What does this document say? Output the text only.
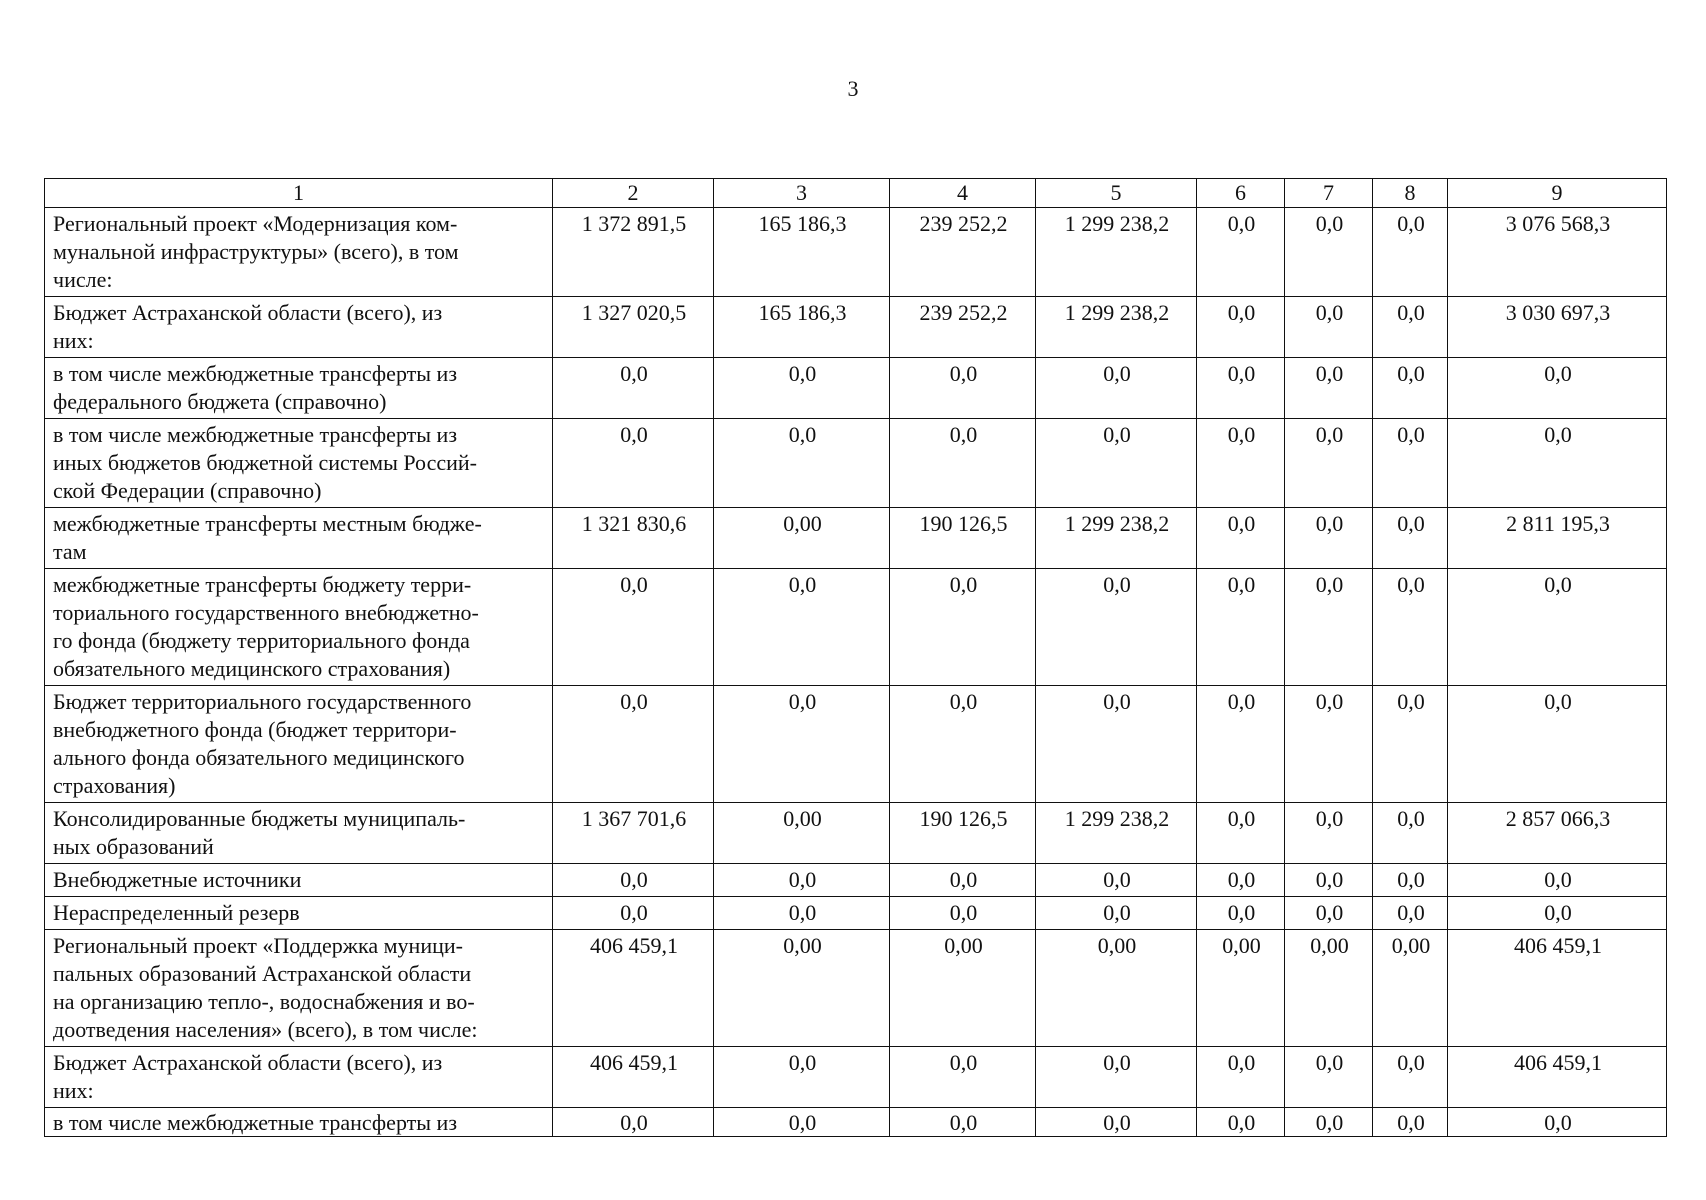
3
1	2	3	4	5	6	7	8	9
Региональный проект «Модернизация ком-
мунальной инфраструктуры» (всего), в том
числе:	1 372 891,5	165 186,3	239 252,2	1 299 238,2	0,0	0,0	0,0	3 076 568,3
Бюджет Астраханской области (всего), из
них:	1 327 020,5	165 186,3	239 252,2	1 299 238,2	0,0	0,0	0,0	3 030 697,3
в том числе межбюджетные трансферты из
федерального бюджета (справочно)	0,0	0,0	0,0	0,0	0,0	0,0	0,0	0,0
в том числе межбюджетные трансферты из
иных бюджетов бюджетной системы Россий-
ской Федерации (справочно)	0,0	0,0	0,0	0,0	0,0	0,0	0,0	0,0
межбюджетные трансферты местным бюдже-
там	1 321 830,6	0,00	190 126,5	1 299 238,2	0,0	0,0	0,0	2 811 195,3
межбюджетные трансферты бюджету терри-
ториального государственного внебюджетно-
го фонда (бюджету территориального фонда
обязательного медицинского страхования)	0,0	0,0	0,0	0,0	0,0	0,0	0,0	0,0
Бюджет территориального государственного
внебюджетного фонда (бюджет территори-
ального фонда обязательного медицинского
страхования)	0,0	0,0	0,0	0,0	0,0	0,0	0,0	0,0
Консолидированные бюджеты муниципаль-
ных образований	1 367 701,6	0,00	190 126,5	1 299 238,2	0,0	0,0	0,0	2 857 066,3
Внебюджетные источники	0,0	0,0	0,0	0,0	0,0	0,0	0,0	0,0
Нераспределенный резерв	0,0	0,0	0,0	0,0	0,0	0,0	0,0	0,0
Региональный проект «Поддержка муници-
пальных образований Астраханской области
на организацию тепло-, водоснабжения и во-
доотведения населения» (всего), в том числе:	406 459,1	0,00	0,00	0,00	0,00	0,00	0,00	406 459,1
Бюджет Астраханской области (всего), из
них:	406 459,1	0,0	0,0	0,0	0,0	0,0	0,0	406 459,1
в том числе межбюджетные трансферты из	0,0	0,0	0,0	0,0	0,0	0,0	0,0	0,0
